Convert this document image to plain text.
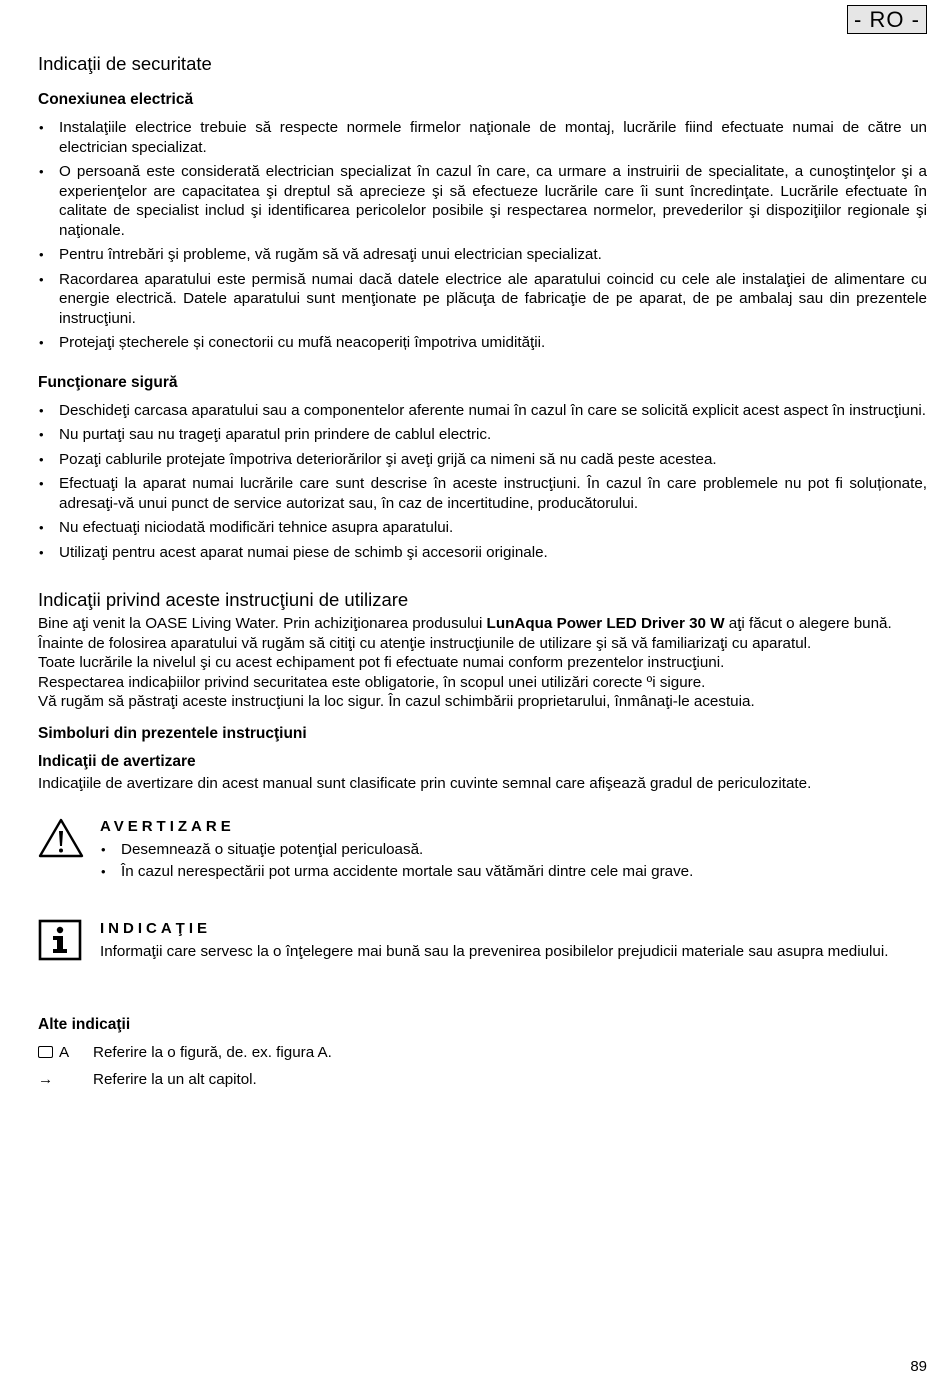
- RO -
Indicaţii de securitate
Conexiunea electrică
• Instalaţiile electrice trebuie să respecte normele firmelor naţionale de montaj, lucrările fiind efectuate numai de către un electrician specializat.
• O persoană este considerată electrician specializat în cazul în care, ca urmare a instruirii de specialitate, a cunoştinţelor şi a experienţelor are capacitatea şi dreptul să aprecieze şi să efectueze lucrările care îi sunt încredinţate. Lucrările efectuate în calitate de specialist includ şi identificarea pericolelor posibile şi respectarea normelor, prevederilor şi dispoziţiilor regionale şi naţionale.
• Pentru întrebări şi probleme, vă rugăm să vă adresaţi unui electrician specializat.
• Racordarea aparatului este permisă numai dacă datele electrice ale aparatului coincid cu cele ale instalaţiei de alimentare cu energie electrică. Datele aparatului sunt menţionate pe plăcuţa de fabricaţie de pe aparat, de pe ambalaj sau din prezentele instrucţiuni.
• Protejaţi ștecherele și conectorii cu mufă neacoperiți împotriva umidităţii.
Funcţionare sigură
• Deschideţi carcasa aparatului sau a componentelor aferente numai în cazul în care se solicită explicit acest aspect în instrucţiuni.
• Nu purtaţi sau nu trageţi aparatul prin prindere de cablul electric.
• Pozaţi cablurile protejate împotriva deteriorărilor şi aveţi grijă ca nimeni să nu cadă peste acestea.
• Efectuaţi la aparat numai lucrările care sunt descrise în aceste instrucţiuni. În cazul în care problemele nu pot fi soluționate, adresaţi-vă unui punct de service autorizat sau, în caz de incertitudine, producătorului.
• Nu efectuaţi niciodată modificări tehnice asupra aparatului.
• Utilizaţi pentru acest aparat numai piese de schimb şi accesorii originale.
Indicaţii privind aceste instrucţiuni de utilizare

Bine aţi venit la OASE Living Water. Prin achiziţionarea produsului LunAqua Power LED Driver 30 W aţi făcut o alegere bună.

Înainte de folosirea aparatului vă rugăm să citiţi cu atenţie instrucţiunile de utilizare şi să vă familiarizaţi cu aparatul.

Toate lucrările la nivelul şi cu acest echipament pot fi efectuate numai conform prezentelor instrucţiuni.

Respectarea indicaþiilor privind securitatea este obligatorie, în scopul unei utilizări corecte ºi sigure.

Vă rugăm să păstraţi aceste instrucţiuni la loc sigur. În cazul schimbării proprietarului, înmânaţi-le acestuia.

Simboluri din prezentele instrucţiuni
Indicaţii de avertizare

Indicaţiile de avertizare din acest manual sunt clasificate prin cuvinte semnal care afişează gradul de periculozitate.

AVERTIZARE
• Desemnează o situaţie potenţial periculoasă.
• În cazul nerespectării pot urma accidente mortale sau vătămări dintre cele mai grave.
INDICAŢIE

Informaţii care servesc la o înţelegere mai bună sau la prevenirea posibilelor prejudicii materiale sau asupra mediului.

Alte indicaţii
A	Referire la o figură, de. ex. figura A.
→	Referire la un alt capitol.
89
